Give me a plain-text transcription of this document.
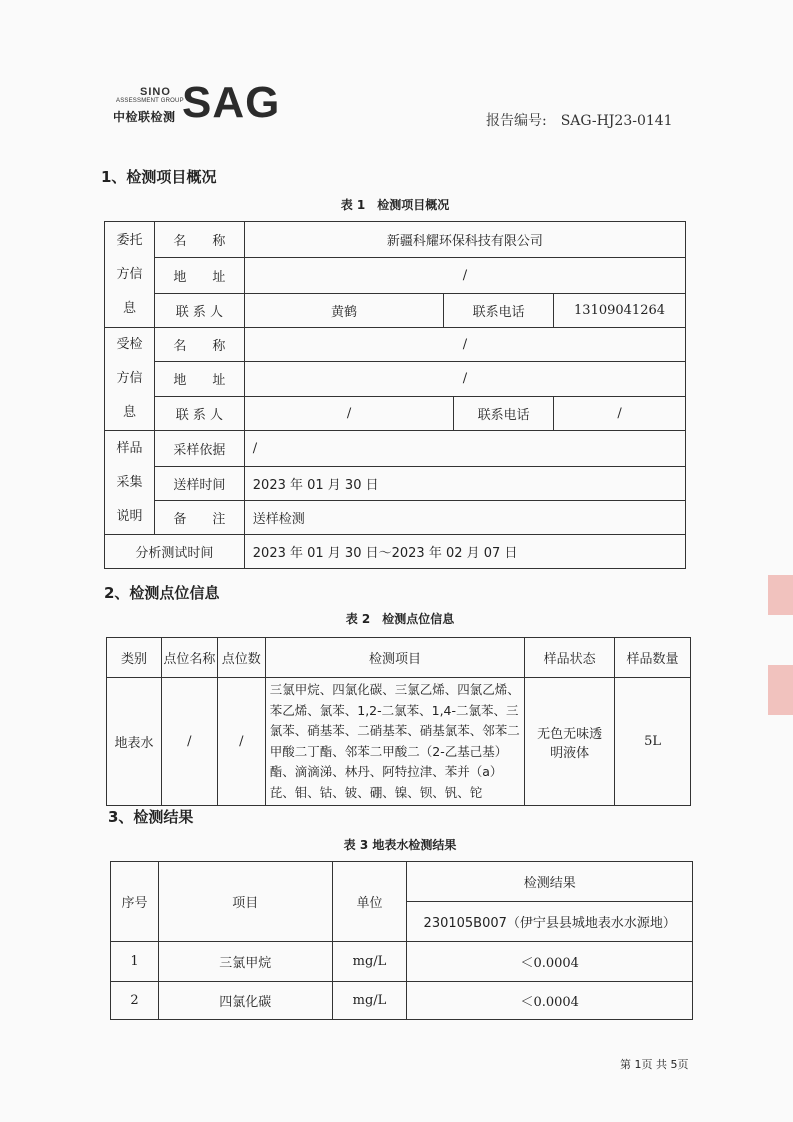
SINO
ASSESSMENT GROUP
中检联检测 SAG	报告编号: SAG-HJ23-0141
1、检测项目概况
表 1　检测项目概况
委托
方信
息	名　　称	新疆科耀环保科技有限公司			
	地　　址	/			
	联 系 人	黄鹤	联系电话		13109041264

受检
方信
息	名　　称	/			
	地　　址	/			
	联 系 人	/		联系电话	/

样品
采集
说明	采样依据	/			
	送样时间	2023 年 01 月 30 日			
	备　　注	送样检测			
分析测试时间		2023 年 01 月 30 日～2023 年 02 月 07 日			
2、检测点位信息
表 2　检测点位信息
类别	点位名称	点位数	检测项目	样品状态	样品数量
地表水	/	/	三氯甲烷、四氯化碳、三氯乙烯、四氯乙烯、苯乙烯、氯苯、1,2-二氯苯、1,4-二氯苯、三氯苯、硝基苯、二硝基苯、硝基氯苯、邻苯二甲酸二丁酯、邻苯二甲酸二（2-乙基己基）酯、滴滴涕、林丹、阿特拉津、苯并（a）芘、钼、钴、铍、硼、镍、钡、钒、铊	无色无味透明液体	5L
3、检测结果
表 3 地表水检测结果
序号	项目	单位	检测结果
			230105B007（伊宁县县城地表水水源地）
1	三氯甲烷	mg/L	＜0.0004
2	四氯化碳	mg/L	＜0.0004
第 1页 共 5页
